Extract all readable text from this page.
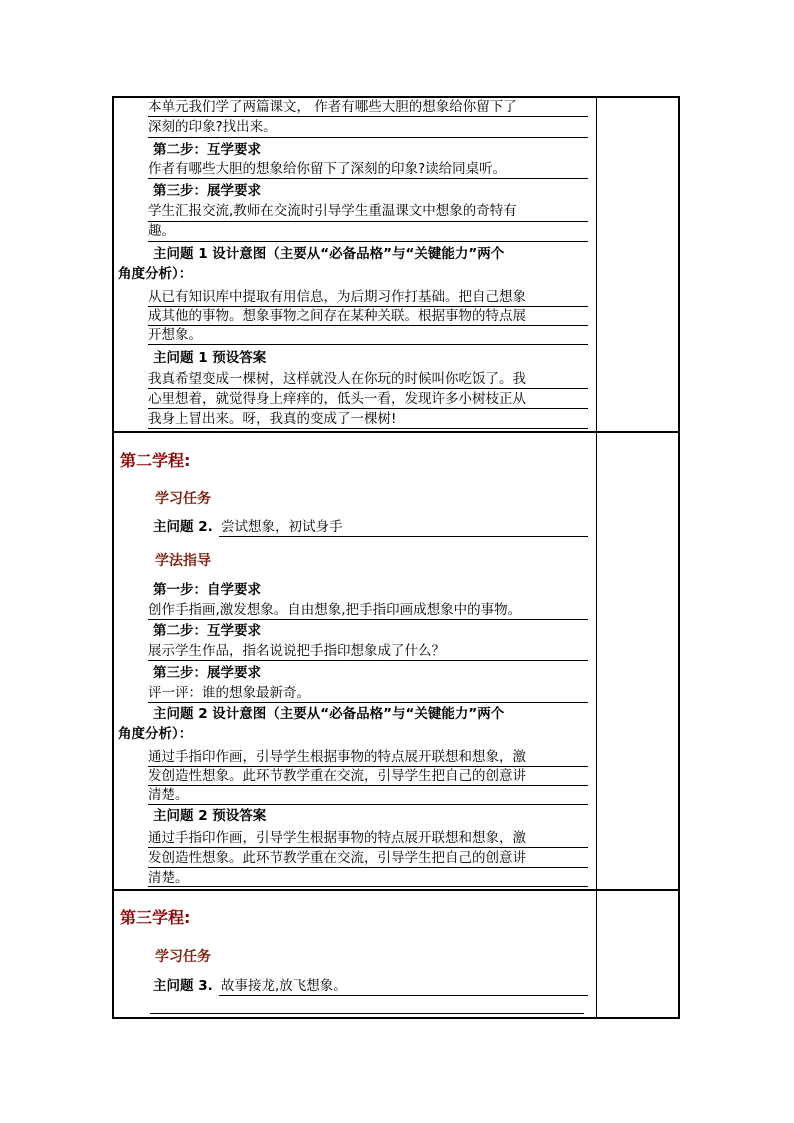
本单元我们学了两篇课文， 作者有哪些大胆的想象给你留下了
深刻的印象?找出来。
第二步：互学要求
作者有哪些大胆的想象给你留下了深刻的印象?读给同桌听。
第三步：展学要求
学生汇报交流,教师在交流时引导学生重温课文中想象的奇特有
趣。
主问题 1 设计意图（主要从“必备品格”与“关键能力”两个
角度分析）：
从已有知识库中提取有用信息，为后期习作打基础。把自己想象
成其他的事物。想象事物之间存在某种关联。根据事物的特点展
开想象。
主问题 1 预设答案
我真希望变成一棵树，这样就没人在你玩的时候叫你吃饭了。我
心里想着，就觉得身上痒痒的，低头一看，发现许多小树枝正从
我身上冒出来。呀，我真的变成了一棵树!
第二学程:
学习任务
主问题 2. 尝试想象，初试身手
学法指导
第一步：自学要求
创作手指画,激发想象。自由想象,把手指印画成想象中的事物。
第二步：互学要求
展示学生作品，指名说说把手指印想象成了什么？
第三步：展学要求
评一评：谁的想象最新奇。
主问题 2 设计意图（主要从“必备品格”与“关键能力”两个
角度分析）：
通过手指印作画，引导学生根据事物的特点展开联想和想象，激
发创造性想象。此环节教学重在交流，引导学生把自己的创意讲
清楚。
主问题 2 预设答案
通过手指印作画，引导学生根据事物的特点展开联想和想象，激
发创造性想象。此环节教学重在交流，引导学生把自己的创意讲
清楚。
第三学程:
学习任务
主问题 3. 故事接龙,放飞想象。
